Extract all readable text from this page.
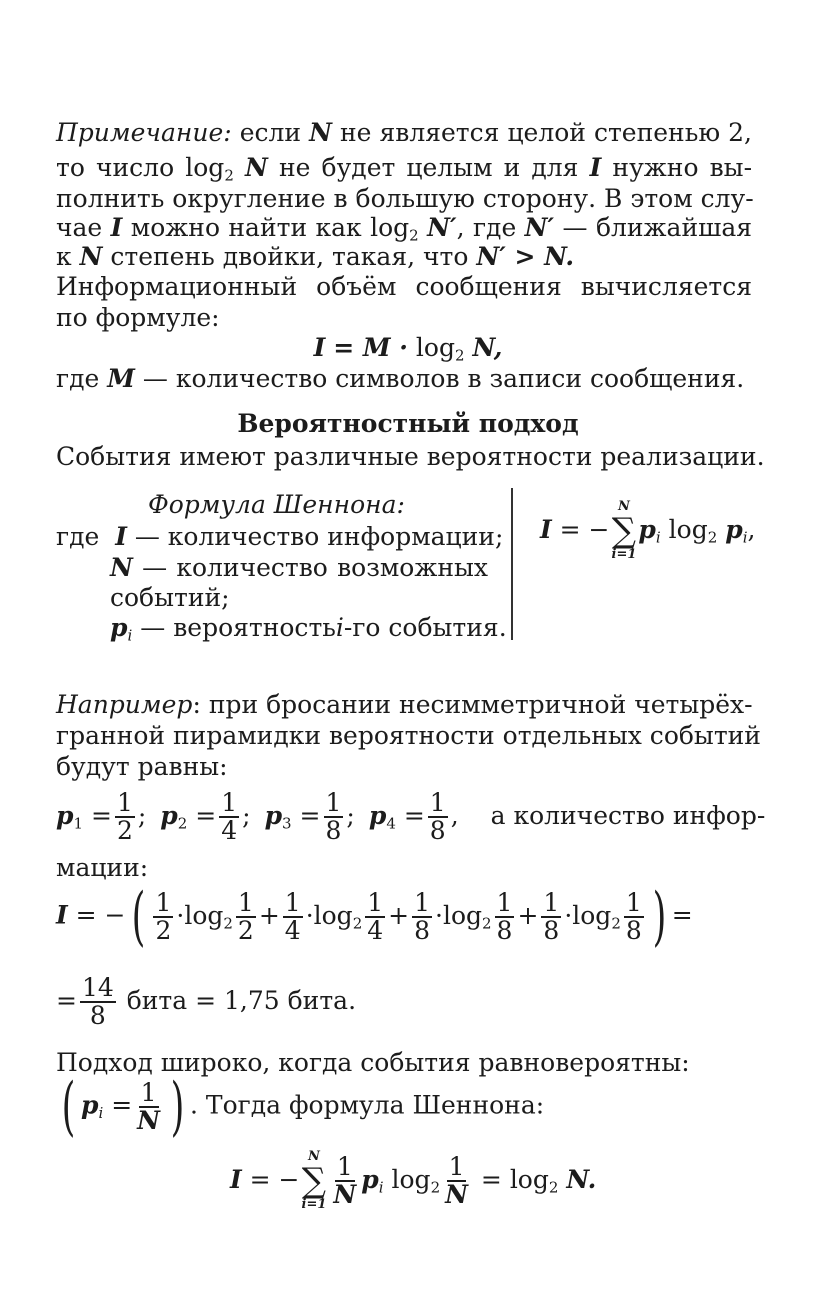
Примечание: если N не является целой степенью 2,
то число $\log_2 N$ не будет целым и для I нужно вы-
полнить округление в большую сторону. В этом слу-
чае I можно найти как $\log_2 N'$, где N′ — ближайшая
к N степень двойки, такая, что N′ > N.
Информационный объём сообщения вычисляется
по формуле:
$I = M \cdot \log_2 N$,
где M — количество символов в записи сообщения.
Вероятностный подход
События имеют различные вероятности реализации.
Формула Шеннона:
где I — количество информации;
N — количество возможных
событий;
$p_i$ — вероятностьi-го события.
I = −
N
∑
i=1
$p_i$ $\log_2 p_i$,
Например: при бросании несимметричной четырёх-
гранной пирамидки вероятности отдельных событий
будут равны:
$p_1 = \frac{1}{2}$ ; $p_2 = \frac{1}{4}$ ; $p_3 = \frac{1}{8}$ ; $p_4 = \frac{1}{8}$ , а количество инфор-
мации:
I = −( $\frac{1}{2} \cdot\log_2 \frac{1}{2} + \frac{1}{4} \cdot\log_2 \frac{1}{4} + \frac{1}{8} \cdot\log_2 \frac{1}{8} + \frac{1}{8} \cdot\log_2 \frac{1}{8}$ ) =
= $\frac{14}{8}$ бита = 1,75 бита.
Подход широко, когда события равновероятны:
( $p_i = \frac{1}{N}$ ) . Тогда формула Шеннона:
I = −
N
∑
$i=1 \frac{1}{N} p_i$ $\log_2 \frac{1}{N} = \log_2 N$.
